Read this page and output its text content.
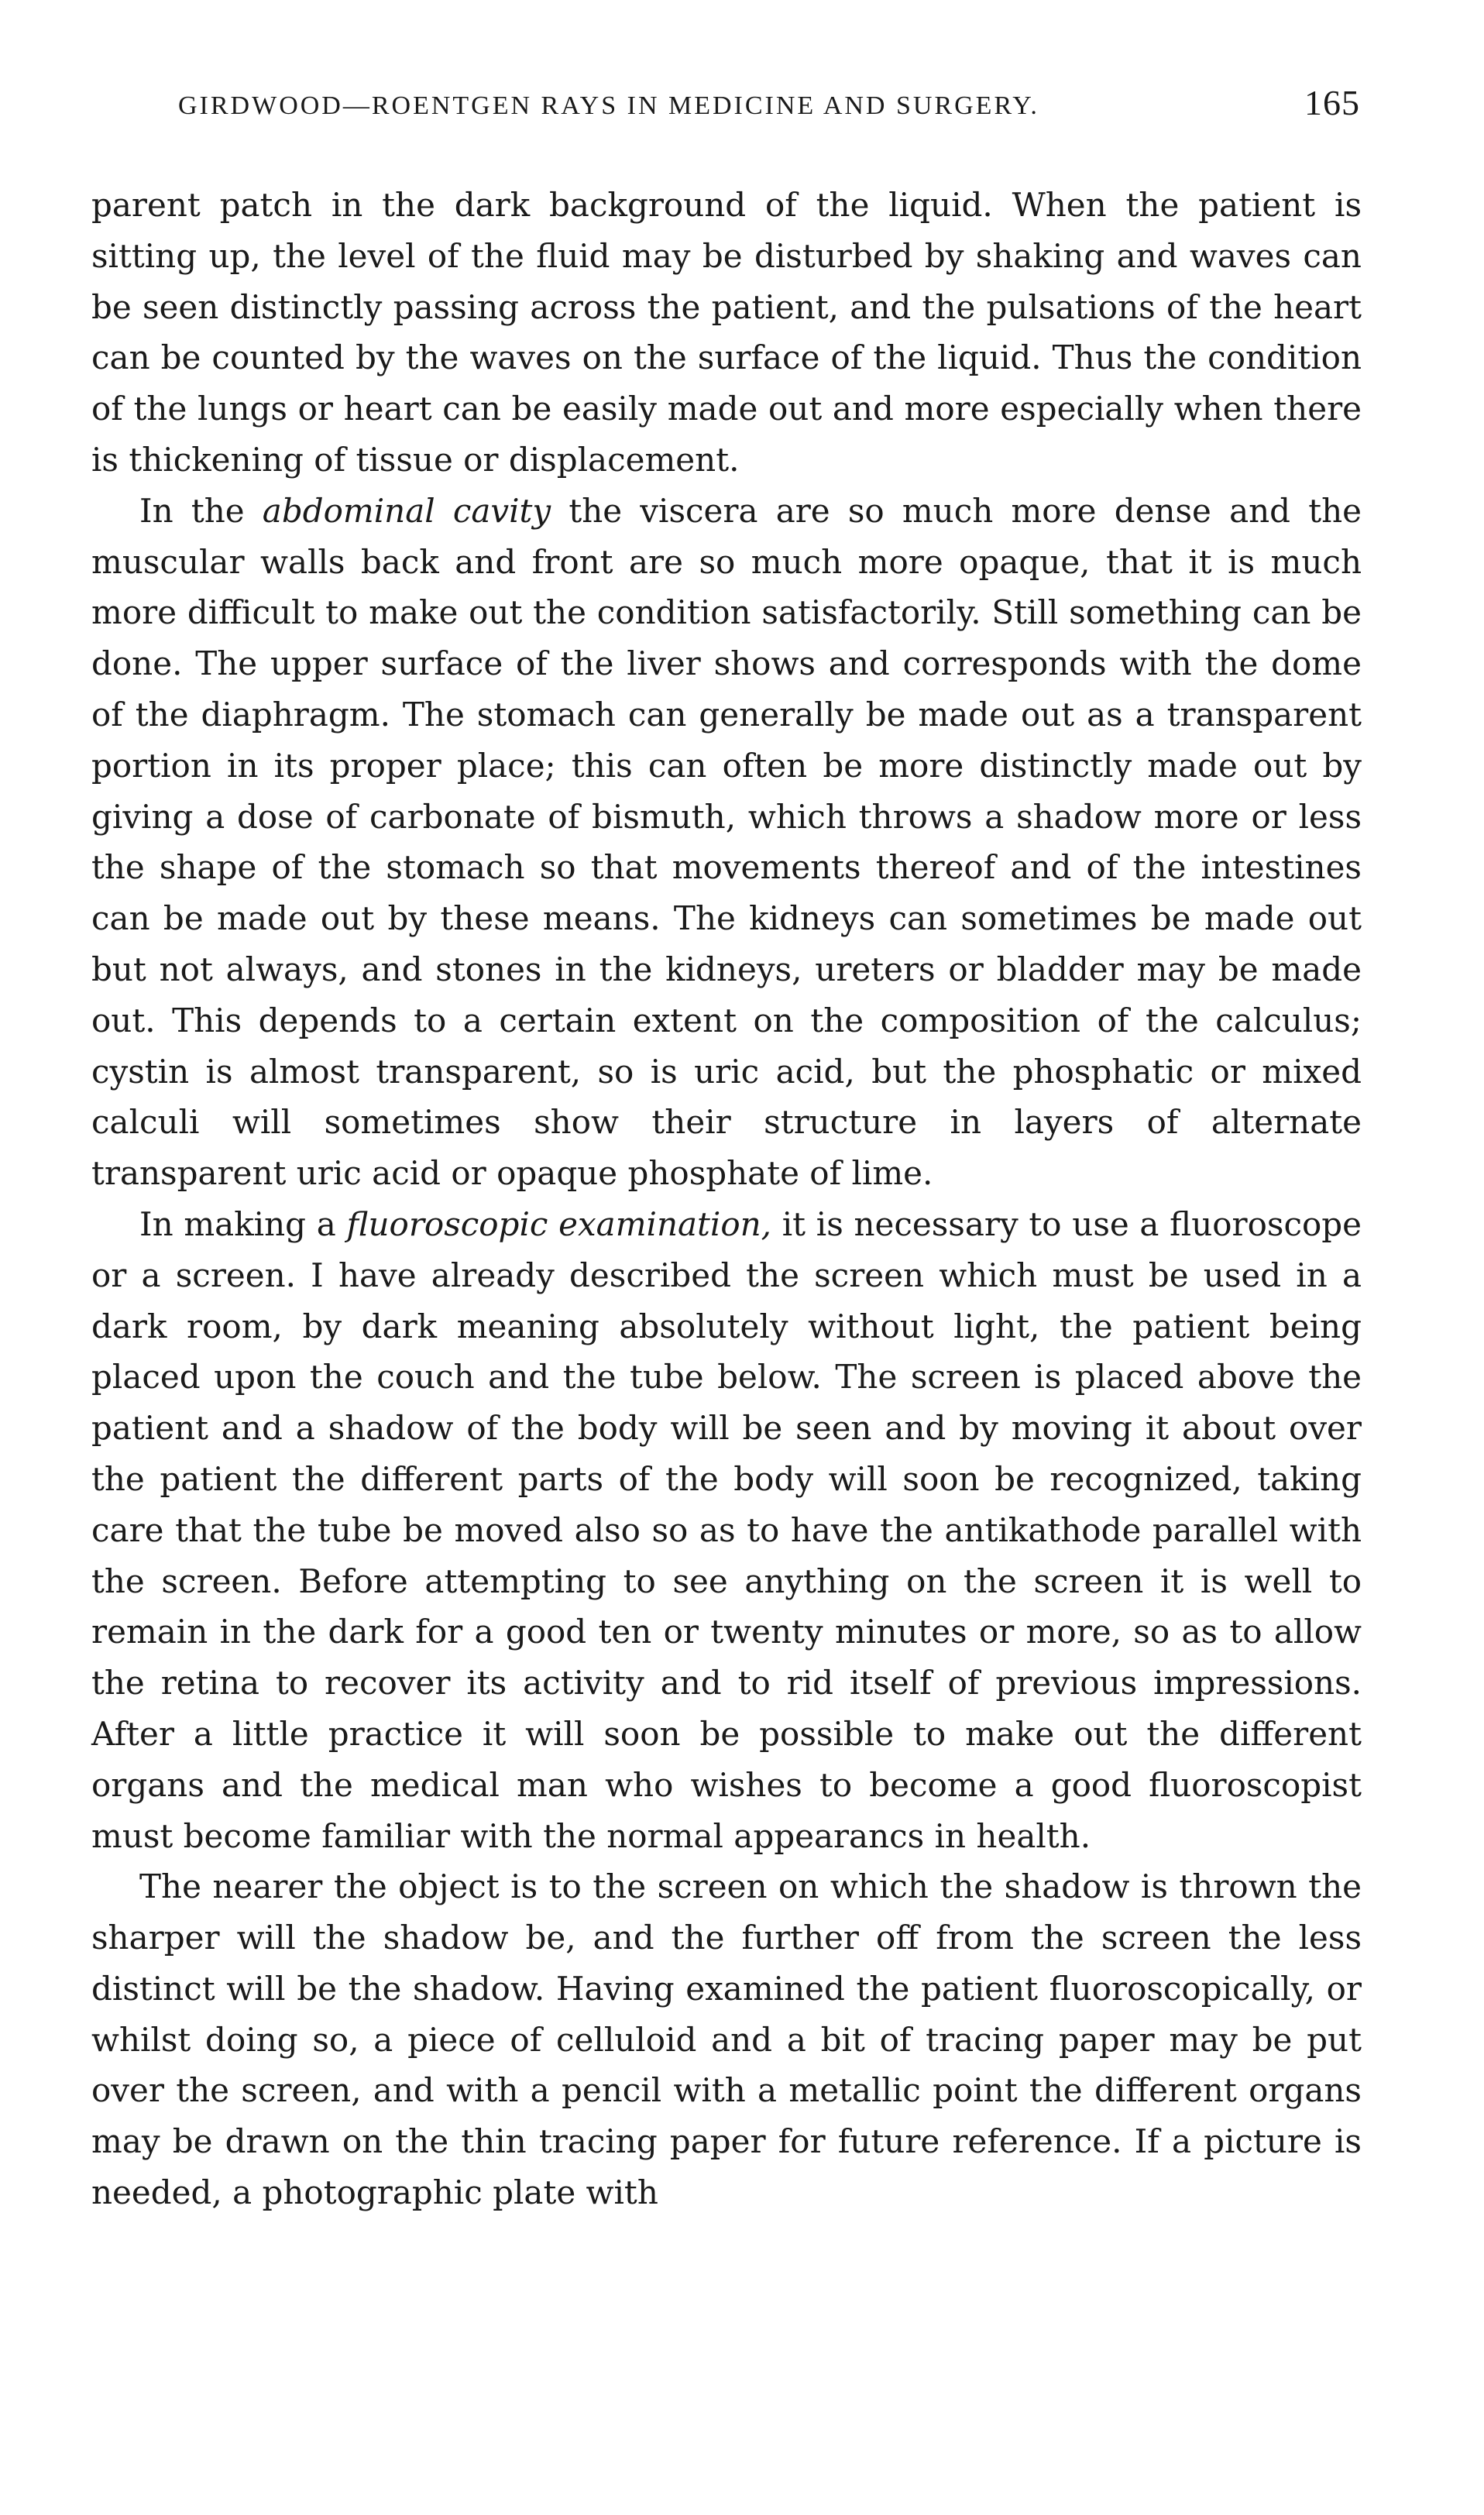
GIRDWOOD—ROENTGEN RAYS IN MEDICINE AND SURGERY.	165

parent patch in the dark background of the liquid. When the patient is sitting up, the level of the fluid may be disturbed by shaking and waves can be seen distinctly passing across the patient, and the pulsations of the heart can be counted by the waves on the surface of the liquid. Thus the condition of the lungs or heart can be easily made out and more especially when there is thickening of tissue or displacement.

In the abdominal cavity the viscera are so much more dense and the muscular walls back and front are so much more opaque, that it is much more difficult to make out the condition satisfactorily. Still something can be done. The upper surface of the liver shows and corresponds with the dome of the diaphragm. The stomach can generally be made out as a transparent portion in its proper place; this can often be more distinctly made out by giving a dose of carbonate of bismuth, which throws a shadow more or less the shape of the stomach so that movements thereof and of the intestines can be made out by these means. The kidneys can sometimes be made out but not always, and stones in the kidneys, ureters or bladder may be made out. This depends to a certain extent on the composition of the calculus; cystin is almost transparent, so is uric acid, but the phosphatic or mixed calculi will sometimes show their structure in layers of alternate transparent uric acid or opaque phosphate of lime.

In making a fluoroscopic examination, it is necessary to use a fluoroscope or a screen. I have already described the screen which must be used in a dark room, by dark meaning absolutely without light, the patient being placed upon the couch and the tube below. The screen is placed above the patient and a shadow of the body will be seen and by moving it about over the patient the different parts of the body will soon be recognized, taking care that the tube be moved also so as to have the antikathode parallel with the screen. Before attempting to see anything on the screen it is well to remain in the dark for a good ten or twenty minutes or more, so as to allow the retina to recover its activity and to rid itself of previous impressions. After a little practice it will soon be possible to make out the different organs and the medical man who wishes to become a good fluoroscopist must become familiar with the normal appearancs in health.

The nearer the object is to the screen on which the shadow is thrown the sharper will the shadow be, and the further off from the screen the less distinct will be the shadow. Having examined the patient fluoroscopically, or whilst doing so, a piece of celluloid and a bit of tracing paper may be put over the screen, and with a pencil with a metallic point the different organs may be drawn on the thin tracing paper for future reference. If a picture is needed, a photographic plate with
